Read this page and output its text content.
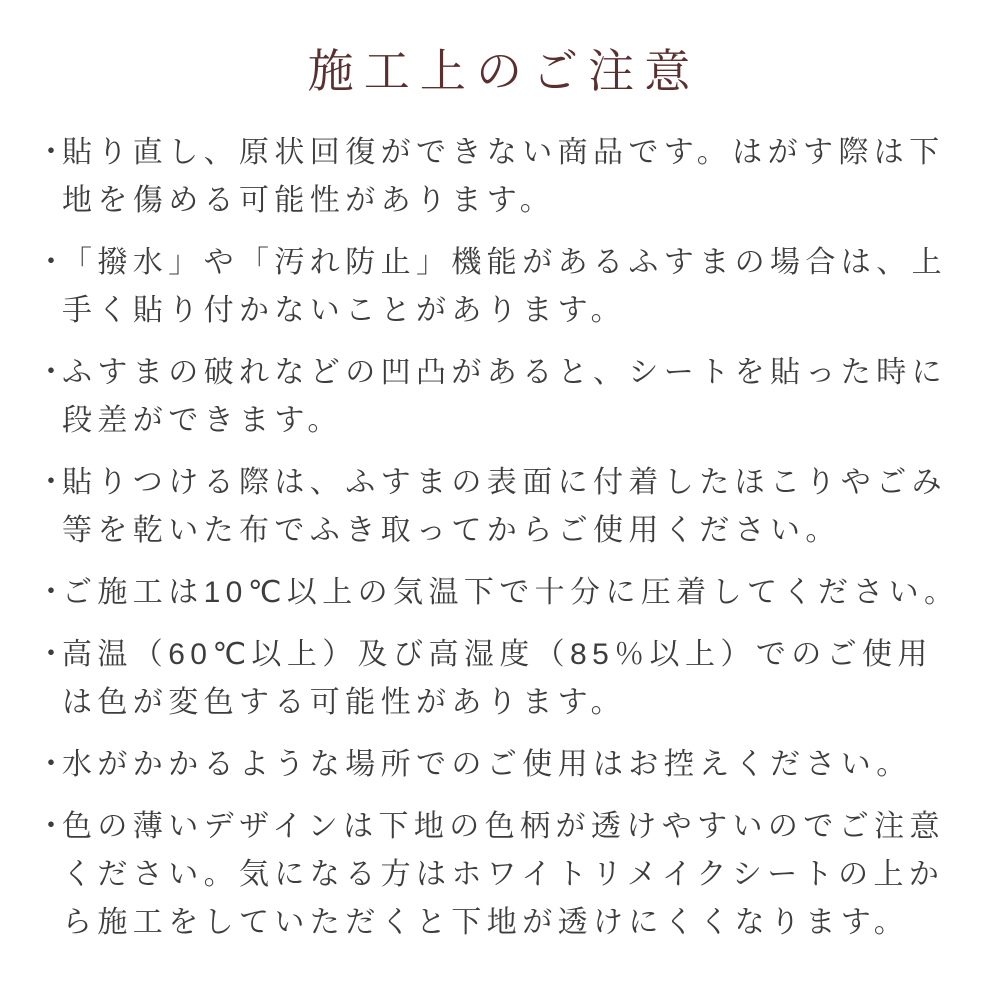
施工上のご注意
・
貼り直し、原状回復ができない商品です。はがす際は下地を傷める可能性があります。
・
「撥水」や「汚れ防止」機能があるふすまの場合は、上手く貼り付かないことがあります。
・
ふすまの破れなどの凹凸があると、シートを貼った時に段差ができます。
・
貼りつける際は、ふすまの表面に付着したほこりやごみ等を乾いた布でふき取ってからご使用ください。
・
ご施工は10℃以上の気温下で十分に圧着してください。
・
高温（60℃以上）及び高湿度（85％以上）でのご使用は色が変色する可能性があります。
・
水がかかるような場所でのご使用はお控えください。
・
色の薄いデザインは下地の色柄が透けやすいのでご注意ください。気になる方はホワイトリメイクシートの上から施工をしていただくと下地が透けにくくなります。
